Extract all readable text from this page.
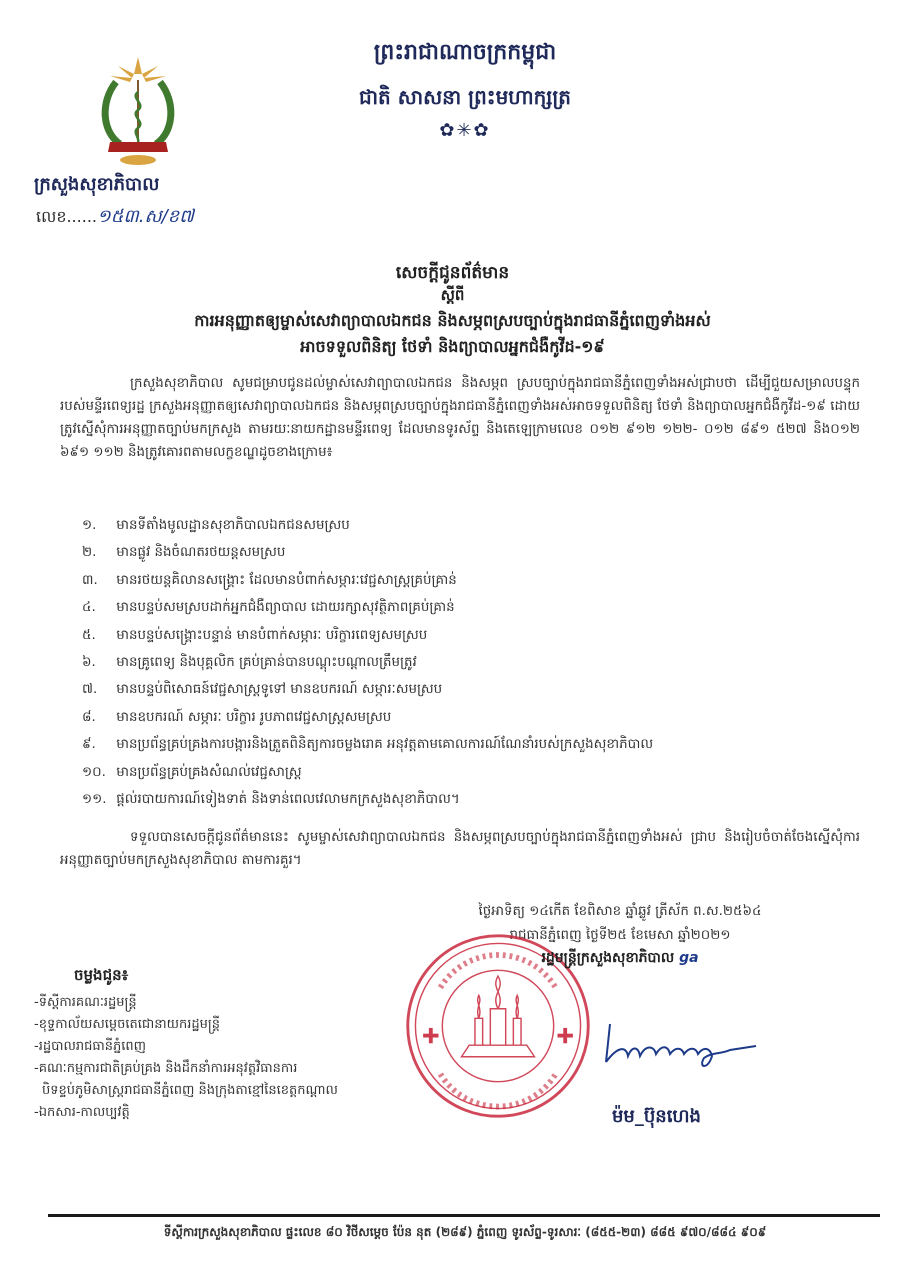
ព្រះរាជាណាចក្រកម្ពុជា
ជាតិ សាសនា ព្រះមហាក្សត្រ
✿✳✿
ក្រសួងសុខាភិបាល
លេខ......១៥៣.ស/ខ៧
សេចក្តីជូនព័ត៌មាន
ស្តីពី
ការអនុញ្ញាតឲ្យម្ចាស់សេវាព្យាបាលឯកជន និងសម្ភពស្របច្បាប់ក្នុងរាជធានីភ្នំពេញទាំងអស់
អាចទទួលពិនិត្យ ថែទាំ និងព្យាបាលអ្នកជំងឺកូវីដ-១៩
ក្រសួងសុខាភិបាល សូមជម្រាបជូនដល់ម្ចាស់សេវាព្យាបាលឯកជន និងសម្ភព ស្របច្បាប់ក្នុងរាជធានីភ្នំពេញទាំងអស់ជ្រាបថា ដើម្បីជួយសម្រាលបន្ទុករបស់មន្ទីរពេទ្យរដ្ឋ ក្រសួងអនុញ្ញាតឲ្យសេវាព្យាបាលឯកជន និងសម្ភពស្របច្បាប់ក្នុងរាជធានីភ្នំពេញទាំងអស់អាចទទួលពិនិត្យ ថែទាំ និងព្យាបាលអ្នកជំងឺកូវីដ-១៩ ដោយត្រូវស្នើសុំការអនុញ្ញាតច្បាប់មកក្រសួង តាមរយៈនាយកដ្ឋានមន្ទីរពេទ្យ ដែលមានទូរស័ព្ទ និងតេឡេក្រាមលេខ ០១២ ៩១២ ១២២- ០១២ ៨៩១ ៥២៧ និង០១២ ៦៩១ ១១២ និងត្រូវគោរពតាមលក្ខខណ្ឌដូចខាងក្រោម៖
១. មានទីតាំងមូលដ្ឋានសុខាភិបាលឯកជនសមស្រប
២. មានផ្លូវ និងចំណតរថយន្តសមស្រប
៣. មានរថយន្តគិលានសង្គ្រោះ ដែលមានបំពាក់សម្ភារៈវេជ្ជសាស្ត្រគ្រប់គ្រាន់
៤. មានបន្ទប់សមស្របដាក់អ្នកជំងឺព្យាបាល ដោយរក្សាសុវត្ថិភាពគ្រប់គ្រាន់
៥. មានបន្ទប់សង្គ្រោះបន្ទាន់ មានបំពាក់សម្ភារៈ បរិក្ខារពេទ្យសមស្រប
៦. មានគ្រូពេទ្យ និងបុគ្គលិក គ្រប់គ្រាន់បានបណ្តុះបណ្តាលត្រឹមត្រូវ
៧. មានបន្ទប់ពិសោធន៍វេជ្ជសាស្ត្រទូទៅ មានឧបករណ៍ សម្ភារៈសមស្រប
៨. មានឧបករណ៍ សម្ភារៈ បរិក្ខារ រូបភាពវេជ្ជសាស្ត្រសមស្រប
៩. មានប្រព័ន្ធគ្រប់គ្រងការបង្ការនិងត្រួតពិនិត្យការចម្លងរោគ អនុវត្តតាមគោលការណ៍ណែនាំរបស់ក្រសួងសុខាភិបាល
១០. មានប្រព័ន្ធគ្រប់គ្រងសំណល់វេជ្ជសាស្ត្រ
១១. ផ្តល់របាយការណ៍ទៀងទាត់ និងទាន់ពេលវេលាមកក្រសួងសុខាភិបាល។
ទទួលបានសេចក្តីជូនព័ត៌មាននេះ សូមម្ចាស់សេវាព្យាបាលឯកជន និងសម្ភពស្របច្បាប់ក្នុងរាជធានីភ្នំពេញទាំងអស់ ជ្រាប និងរៀបចំចាត់ចែងស្នើសុំការអនុញ្ញាតច្បាប់មកក្រសួងសុខាភិបាល តាមការគួរ។
ថ្ងៃអាទិត្យ ១៤កើត ខែពិសាខ ឆ្នាំឆ្លូវ ត្រីស័ក ព.ស.២៥៦៤
រាជធានីភ្នំពេញ ថ្ងៃទី២៥ ខែមេសា ឆ្នាំ២០២១
រដ្ឋមន្ត្រីក្រសួងសុខាភិបាល ga
ម៉ម_ប៊ុនហេង
ចម្លងជូន៖
-ទីស្តីការគណៈរដ្ឋមន្ត្រី
-ខុទ្ទកាល័យសម្តេចតេជោនាយករដ្ឋមន្ត្រី
-រដ្ឋបាលរាជធានីភ្នំពេញ
-គណៈកម្មការជាតិគ្រប់គ្រង និងដឹកនាំការអនុវត្តវិធានការ
បិទខ្ទប់ភូមិសាស្ត្ររាជធានីភ្នំពេញ និងក្រុងតាខ្មៅនៃខេត្តកណ្តាល
-ឯកសារ-កាលប្បវត្តិ
ទីស្តីការក្រសួងសុខាភិបាល ផ្ទះលេខ ៨០ វិថីសម្តេច ប៉ែន នុត (២៨៩) ភ្នំពេញ ទូរស័ព្ទ-ទូរសារៈ (៨៥៥-២៣) ៨៨៥ ៩៧០/៨៨៤ ៩០៩
